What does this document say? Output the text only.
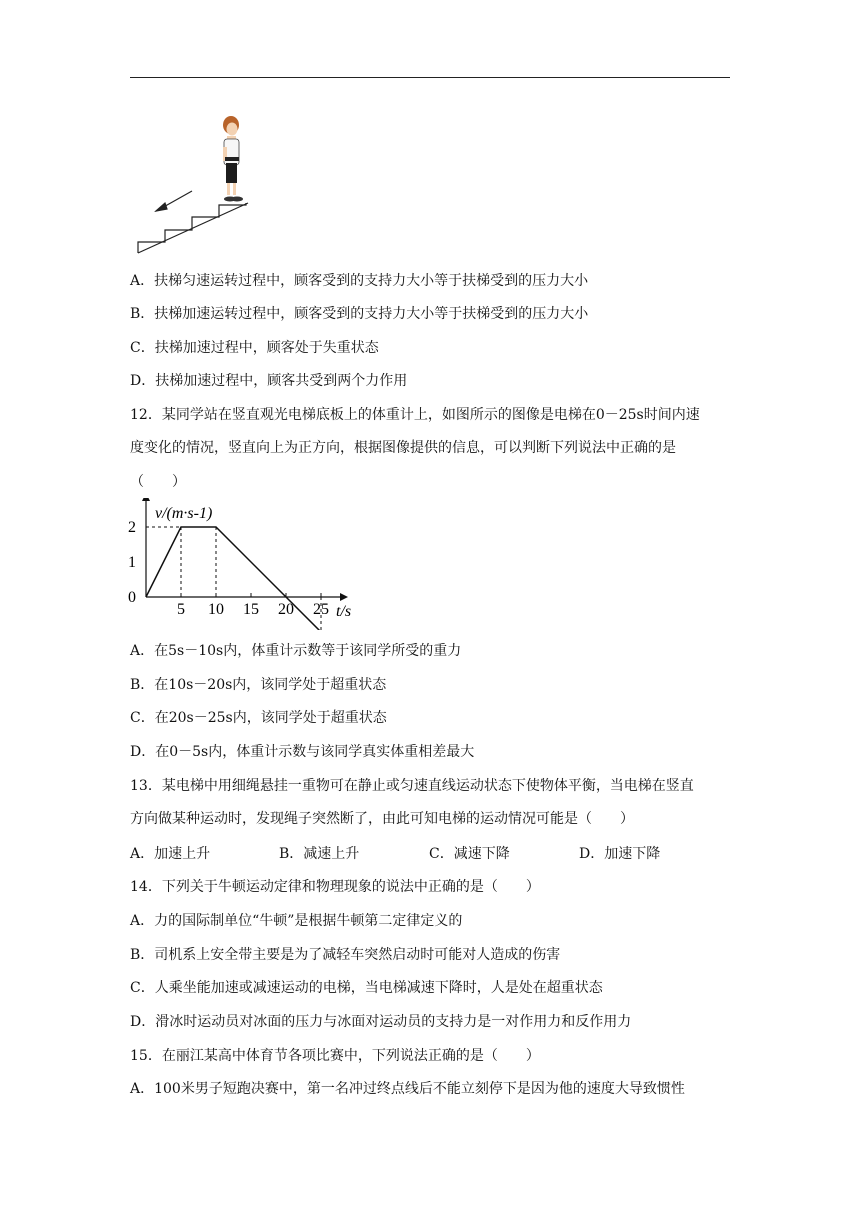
A．扶梯匀速运转过程中，顾客受到的支持力大小等于扶梯受到的压力大小
B．扶梯加速运转过程中，顾客受到的支持力大小等于扶梯受到的压力大小
C．扶梯加速过程中，顾客处于失重状态
D．扶梯加速过程中，顾客共受到两个力作用
12．某同学站在竖直观光电梯底板上的体重计上，如图所示的图像是电梯在0－25s时间内速
度变化的情况，竖直向上为正方向，根据图像提供的信息，可以判断下列说法中正确的是
（　　）
5 10 15 20 25
0
1
2
v/(m·s-1)
t/s
A．在5s－10s内，体重计示数等于该同学所受的重力
B．在10s－20s内，该同学处于超重状态
C．在20s－25s内，该同学处于超重状态
D．在0－5s内，体重计示数与该同学真实体重相差最大
13．某电梯中用细绳悬挂一重物可在静止或匀速直线运动状态下使物体平衡，当电梯在竖直
方向做某种运动时，发现绳子突然断了，由此可知电梯的运动情况可能是（　　）
A．加速上升	B．减速上升	C．减速下降	D．加速下降
14．下列关于牛顿运动定律和物理现象的说法中正确的是（　　）
A．力的国际制单位“牛顿”是根据牛顿第二定律定义的
B．司机系上安全带主要是为了减轻车突然启动时可能对人造成的伤害
C．人乘坐能加速或减速运动的电梯，当电梯减速下降时，人是处在超重状态
D．滑冰时运动员对冰面的压力与冰面对运动员的支持力是一对作用力和反作用力
15．在丽江某高中体育节各项比赛中，下列说法正确的是（　　）
A．100米男子短跑决赛中，第一名冲过终点线后不能立刻停下是因为他的速度大导致惯性
